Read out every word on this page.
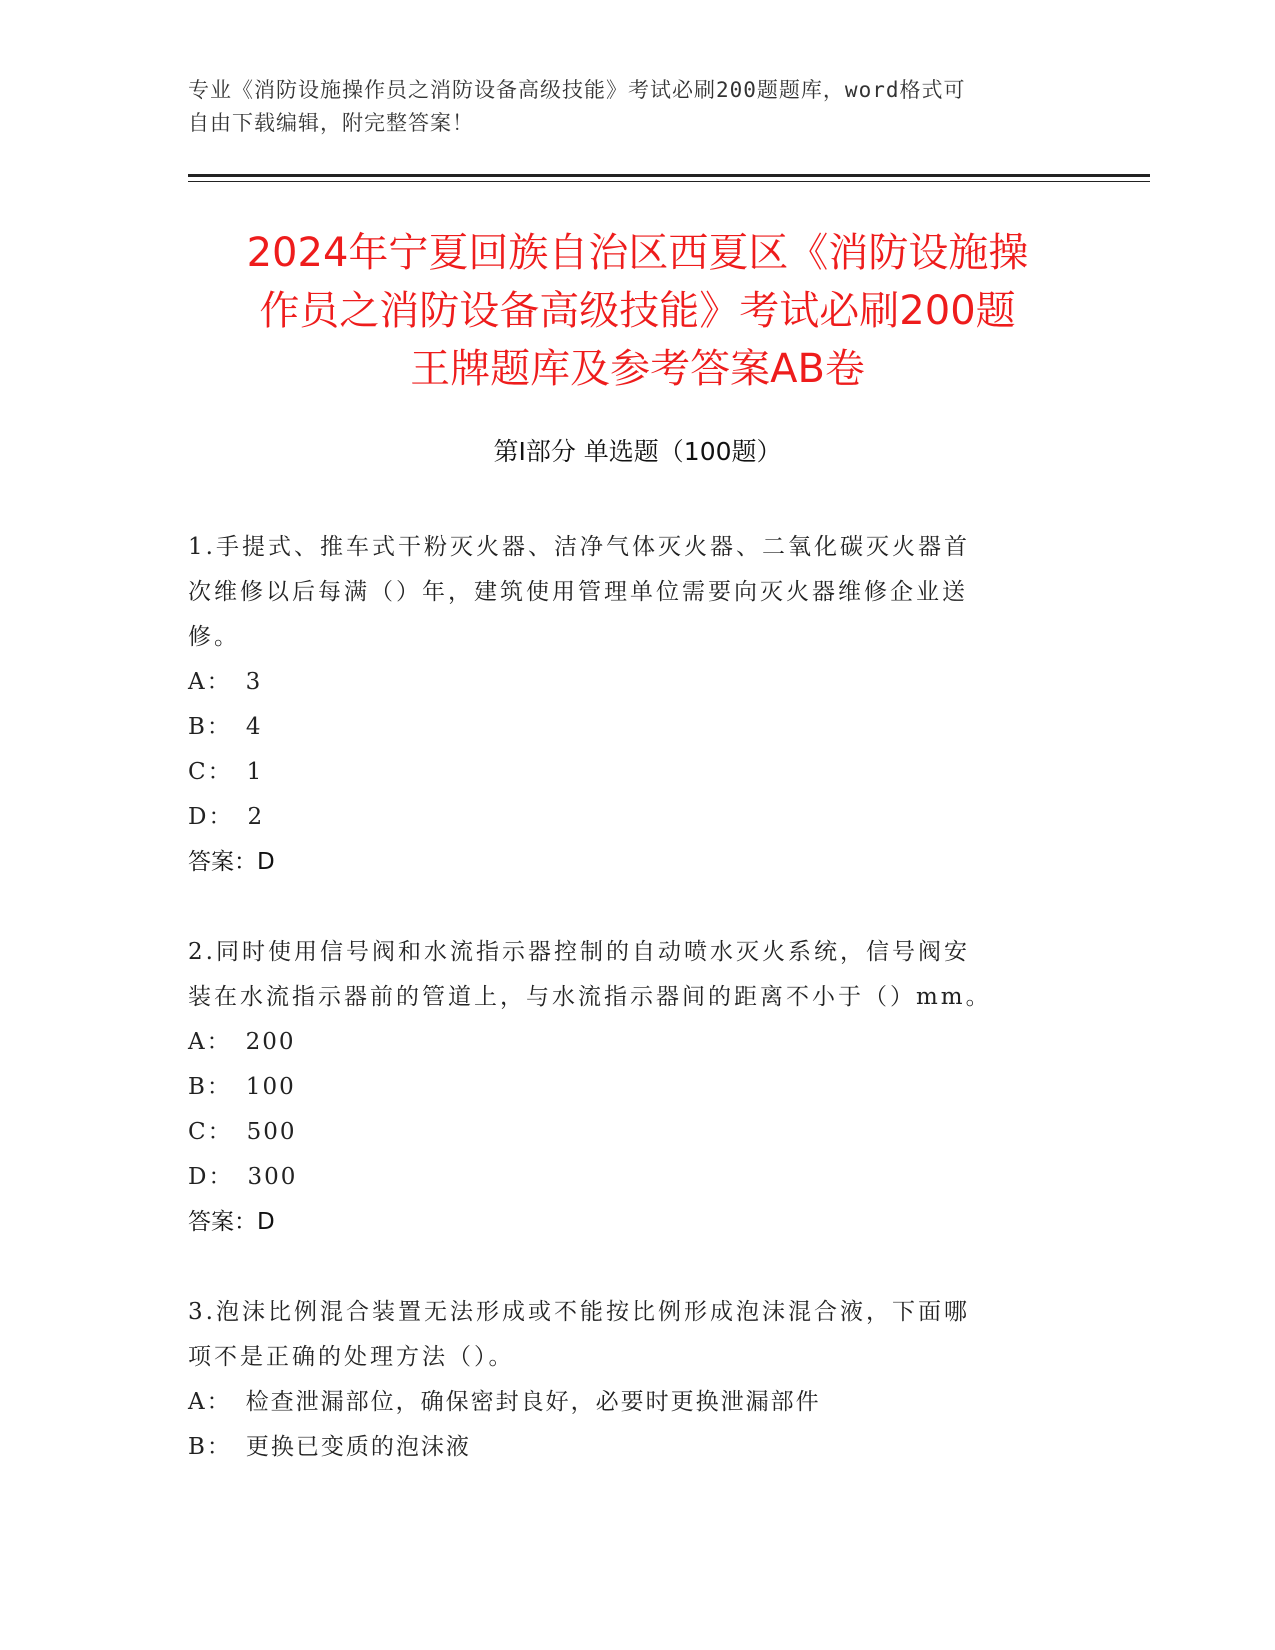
专业《消防设施操作员之消防设备高级技能》考试必刷200题题库，word格式可
自由下载编辑，附完整答案！
2024年宁夏回族自治区西夏区《消防设施操
作员之消防设备高级技能》考试必刷200题
王牌题库及参考答案AB卷
第Ⅰ部分 单选题（100题）
1.手提式、推车式干粉灭火器、洁净气体灭火器、二氧化碳灭火器首
次维修以后每满（）年，建筑使用管理单位需要向灭火器维修企业送
修。
A： 3
B： 4
C： 1
D： 2
答案：D
2.同时使用信号阀和水流指示器控制的自动喷水灭火系统，信号阀安
装在水流指示器前的管道上，与水流指示器间的距离不小于（）mm。
A： 200
B： 100
C： 500
D： 300
答案：D
3.泡沫比例混合装置无法形成或不能按比例形成泡沫混合液，下面哪
项不是正确的处理方法（）。
A： 检查泄漏部位，确保密封良好，必要时更换泄漏部件
B： 更换已变质的泡沫液
